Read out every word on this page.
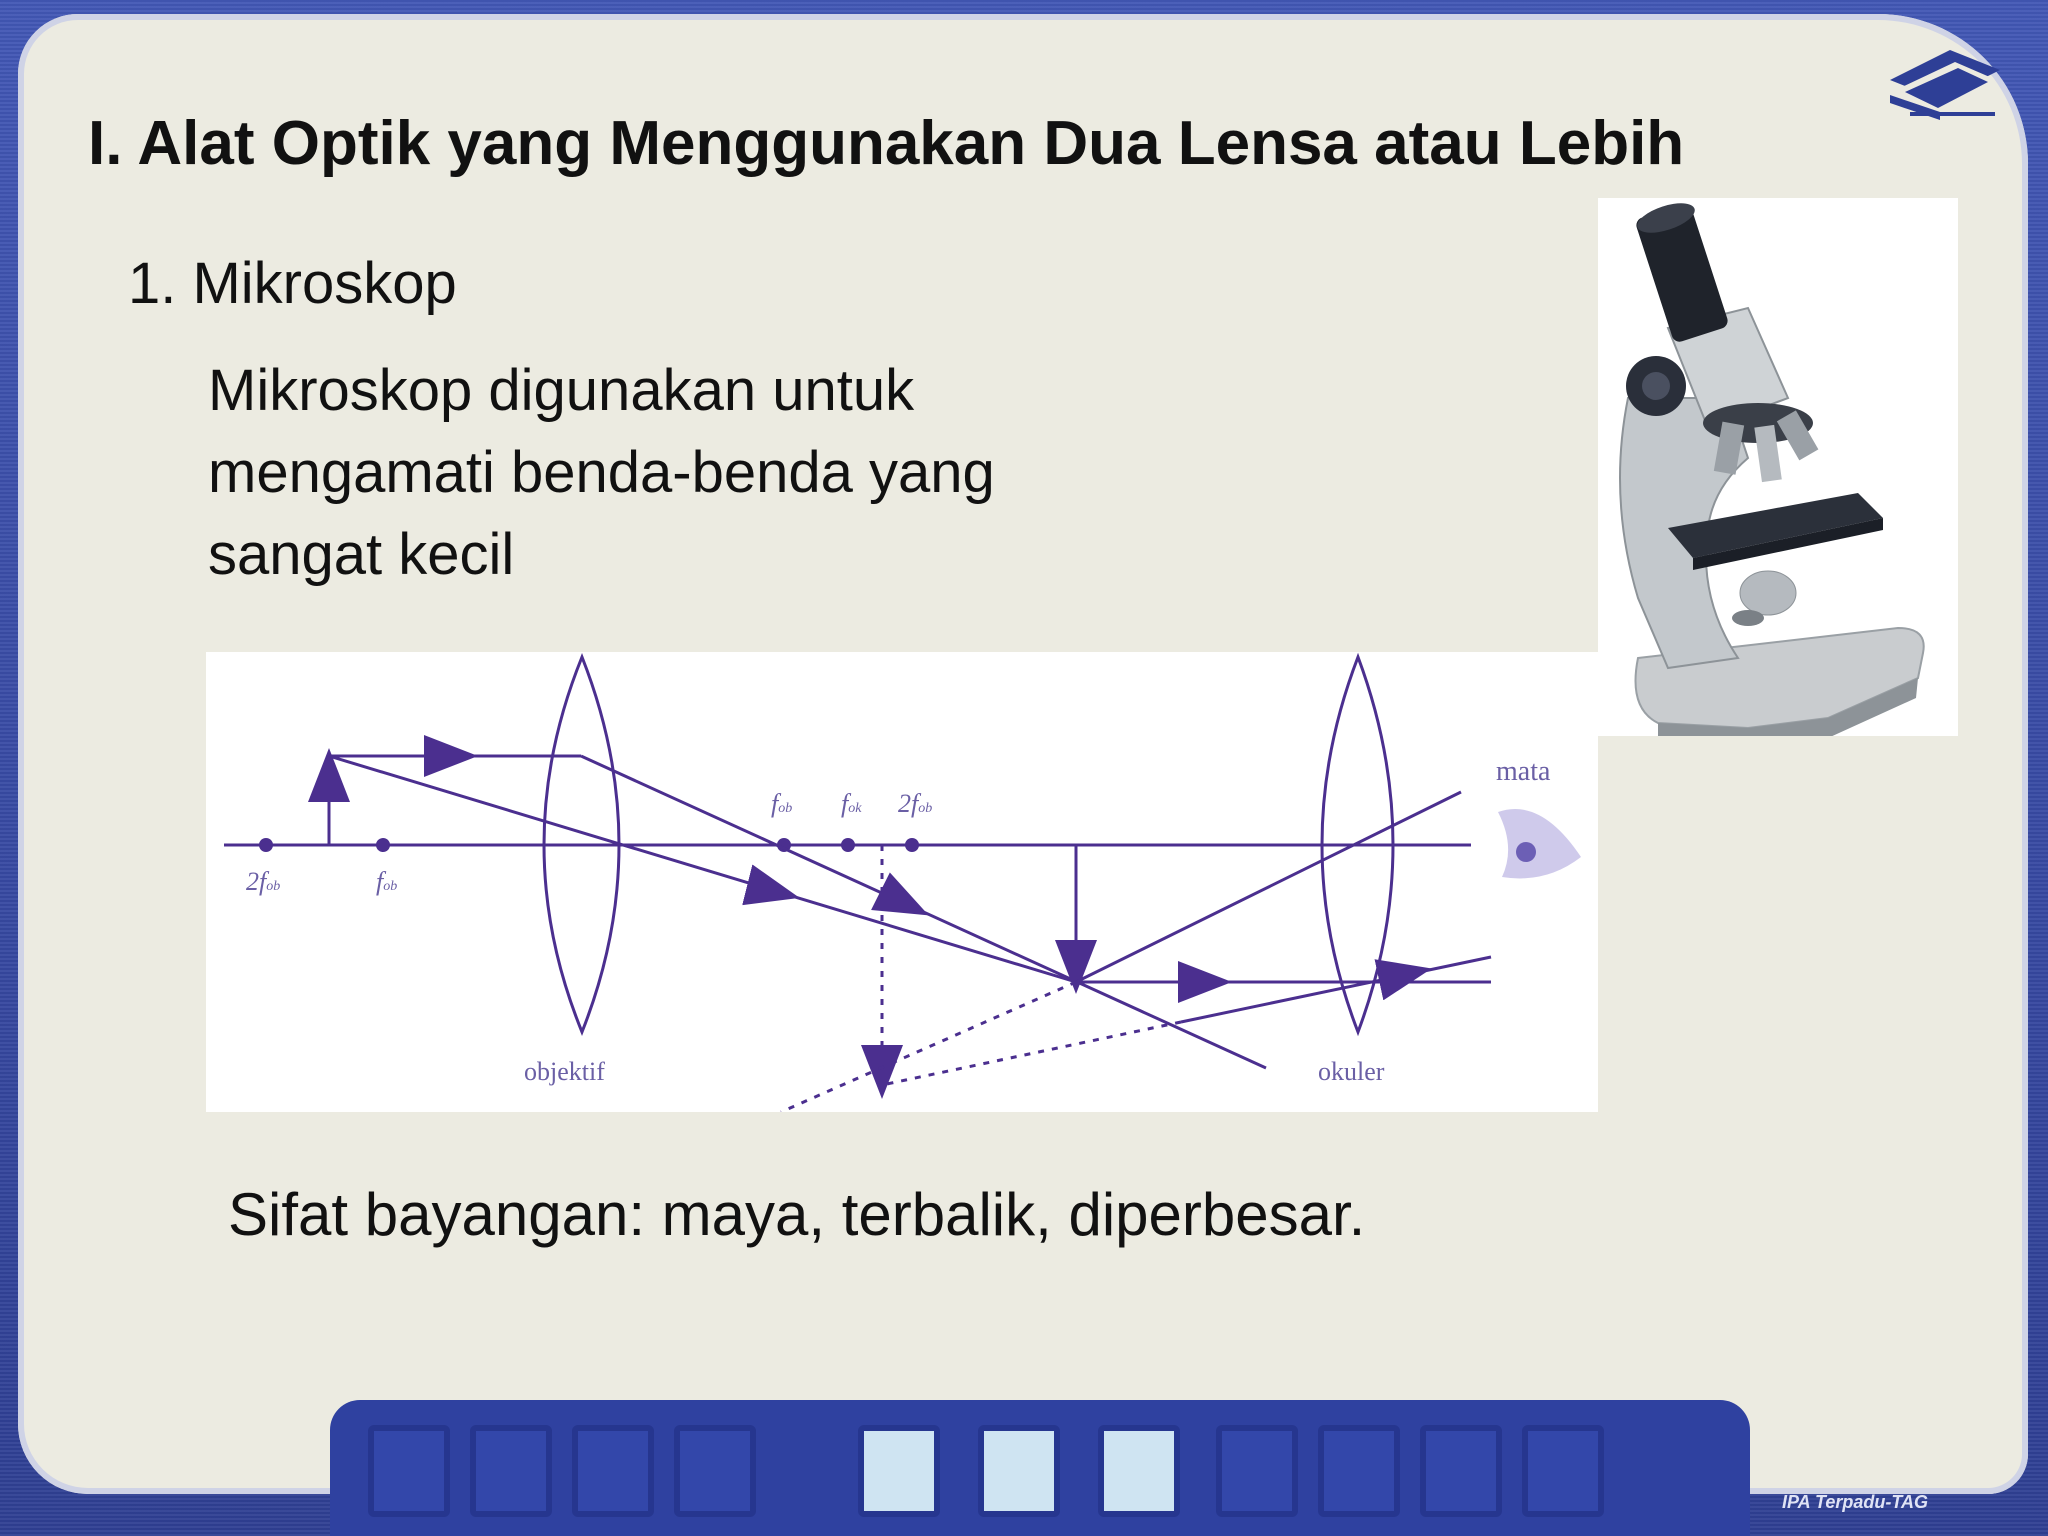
I. Alat Optik yang Menggunakan Dua Lensa atau Lebih
1. Mikroskop
Mikroskop digunakan untuk
mengamati benda-benda yang
sangat kecil
2fob	fob
fob fok 2fob
objektif	okuler
mata
Sifat bayangan: maya, terbalik, diperbesar.
IPA Terpadu-TAG
